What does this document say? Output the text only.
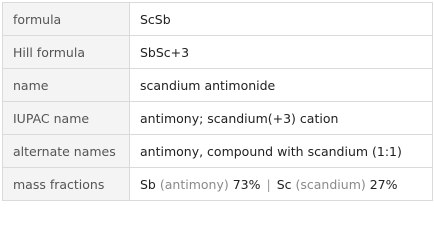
formula	ScSb
Hill formula	SbSc+3
name	scandium antimonide
IUPAC name	antimony; scandium(+3) cation
alternate names	antimony, compound with scandium (1:1)
mass fractions	Sb (antimony) 73% | Sc (scandium) 27%
